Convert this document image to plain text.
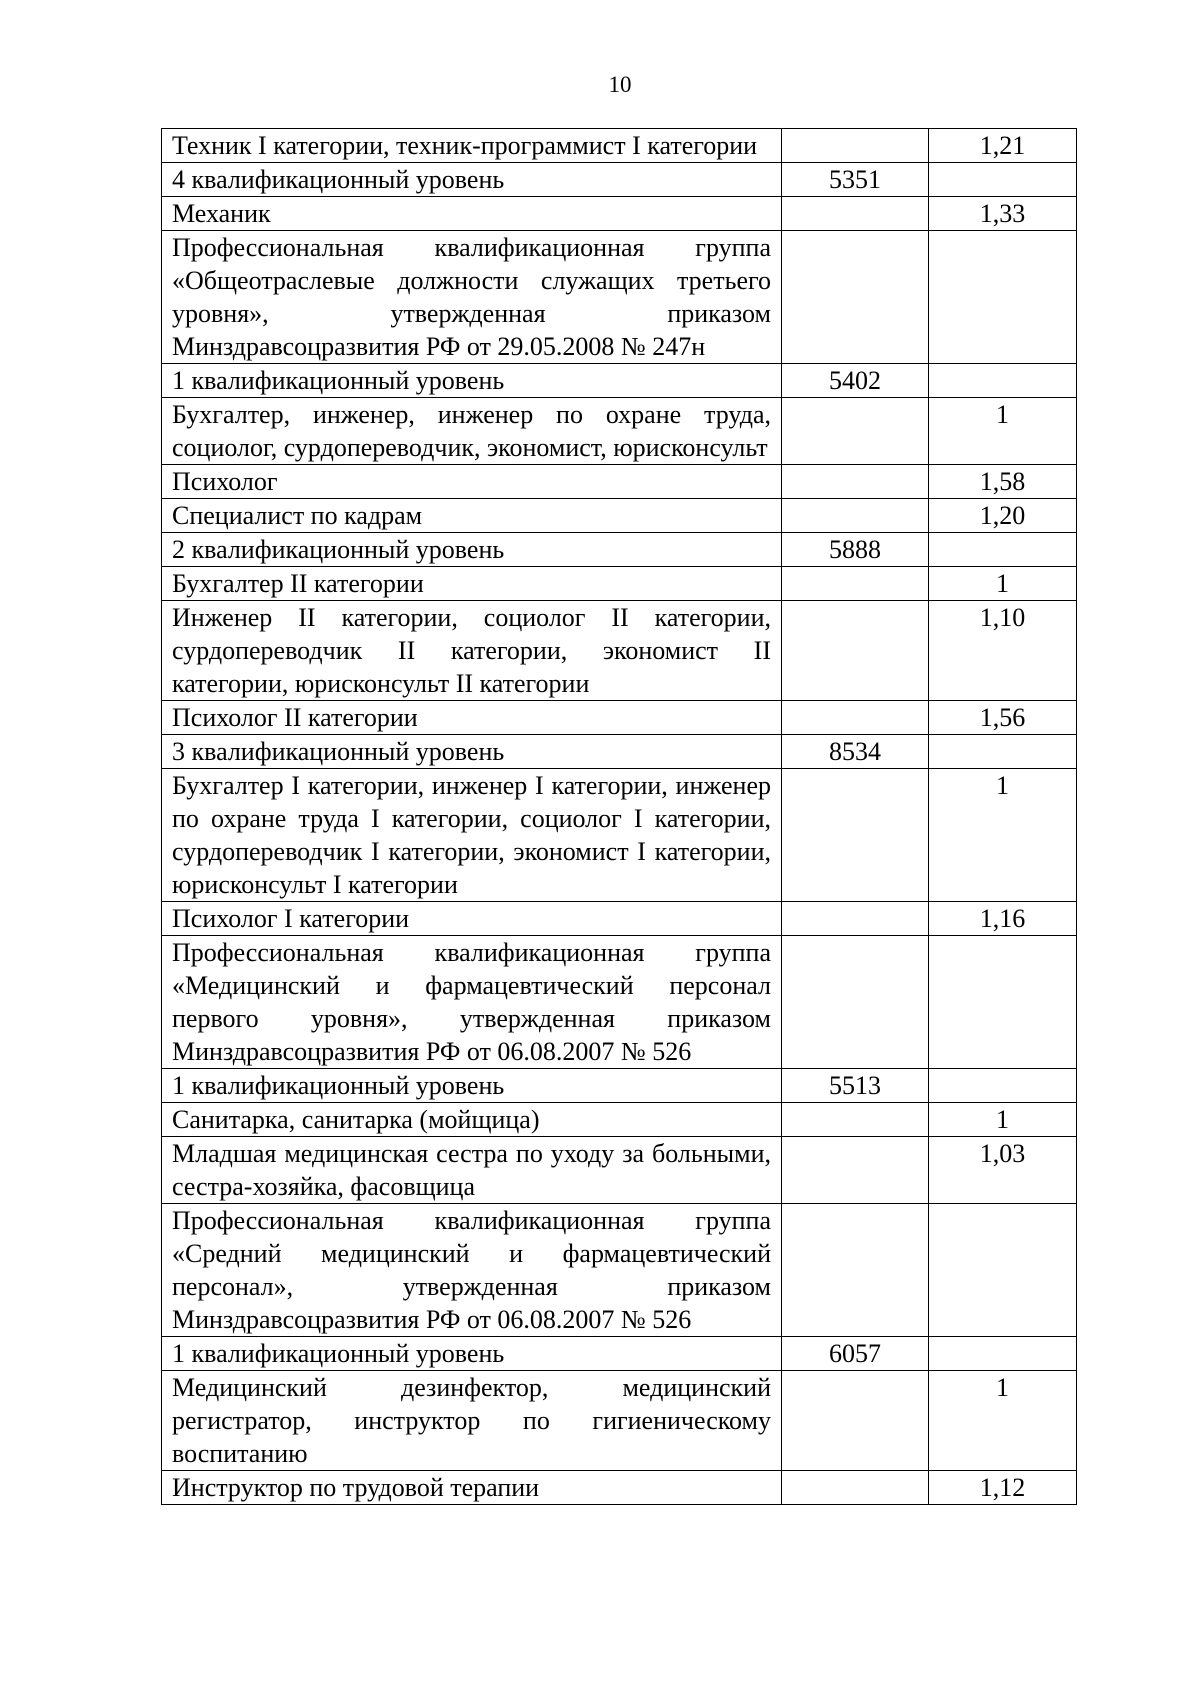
10
Техник I категории, техник-программист I категории		1,21
4 квалификационный уровень	5351	
Механик		1,33
Профессиональная квалификационная группа «Общеотраслевые должности служащих третьего уровня», утвержденная приказом Минздравсоцразвития РФ от 29.05.2008 № 247н		
1 квалификационный уровень	5402	
Бухгалтер, инженер, инженер по охране труда, социолог, сурдопереводчик, экономист, юрисконсульт		1
Психолог		1,58
Специалист по кадрам		1,20
2 квалификационный уровень	5888	
Бухгалтер II категории		1
Инженер II категории, социолог II категории, сурдопереводчик II категории, экономист II категории, юрисконсульт II категории		1,10
Психолог II категории		1,56
3 квалификационный уровень	8534	
Бухгалтер I категории, инженер I категории, инженер по охране труда I категории, социолог I категории, сурдопереводчик I категории, экономист I категории, юрисконсульт I категории		1
Психолог I категории		1,16
Профессиональная квалификационная группа «Медицинский и фармацевтический персонал первого уровня», утвержденная приказом Минздравсоцразвития РФ от 06.08.2007 № 526		
1 квалификационный уровень	5513	
Санитарка, санитарка (мойщица)		1
Младшая медицинская сестра по уходу за больными, сестра-хозяйка, фасовщица		1,03
Профессиональная квалификационная группа «Средний медицинский и фармацевтический персонал», утвержденная приказом Минздравсоцразвития РФ от 06.08.2007 № 526		
1 квалификационный уровень	6057	
Медицинский дезинфектор, медицинский регистратор, инструктор по гигиеническому воспитанию		1
Инструктор по трудовой терапии		1,12
